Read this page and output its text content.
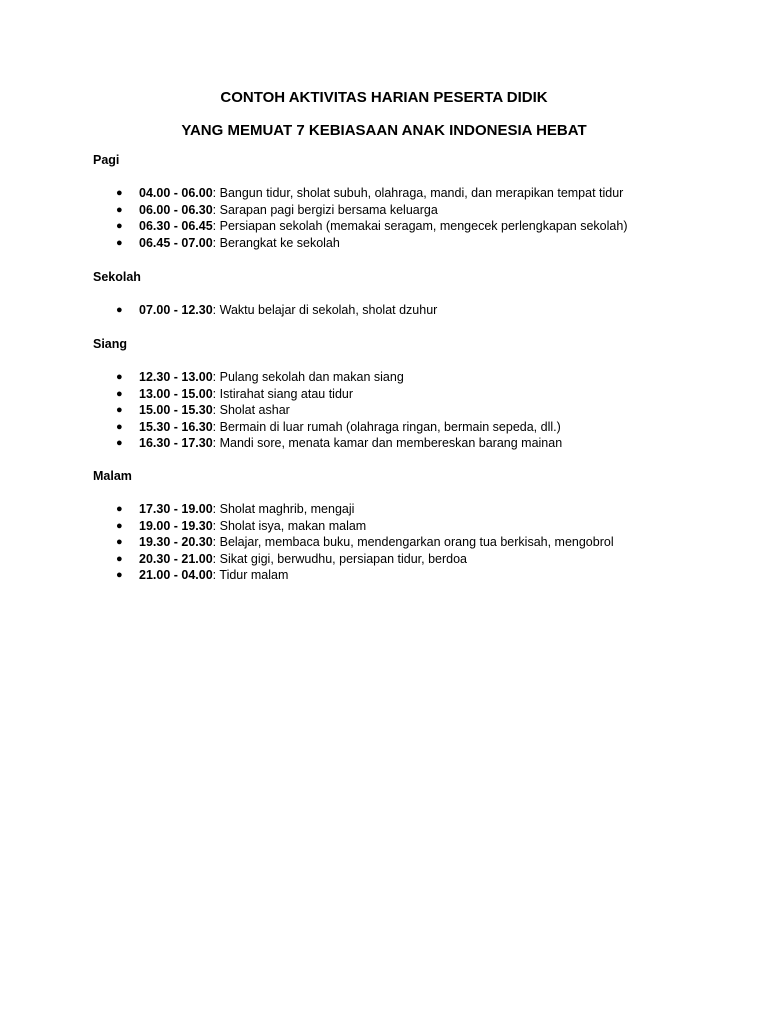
CONTOH AKTIVITAS HARIAN PESERTA DIDIK
YANG MEMUAT 7 KEBIASAAN ANAK INDONESIA HEBAT
Pagi
● 04.00 - 06.00: Bangun tidur, sholat subuh, olahraga, mandi, dan merapikan tempat tidur
● 06.00 - 06.30: Sarapan pagi bergizi bersama keluarga
● 06.30 - 06.45: Persiapan sekolah (memakai seragam, mengecek perlengkapan sekolah)
● 06.45 - 07.00: Berangkat ke sekolah
Sekolah
● 07.00 - 12.30: Waktu belajar di sekolah, sholat dzuhur
Siang
● 12.30 - 13.00: Pulang sekolah dan makan siang
● 13.00 - 15.00: Istirahat siang atau tidur
● 15.00 - 15.30: Sholat ashar
● 15.30 - 16.30: Bermain di luar rumah (olahraga ringan, bermain sepeda, dll.)
● 16.30 - 17.30: Mandi sore, menata kamar dan membereskan barang mainan
Malam
● 17.30 - 19.00: Sholat maghrib, mengaji
● 19.00 - 19.30: Sholat isya, makan malam
● 19.30 - 20.30: Belajar, membaca buku, mendengarkan orang tua berkisah, mengobrol
● 20.30 - 21.00: Sikat gigi, berwudhu, persiapan tidur, berdoa
● 21.00 - 04.00: Tidur malam
